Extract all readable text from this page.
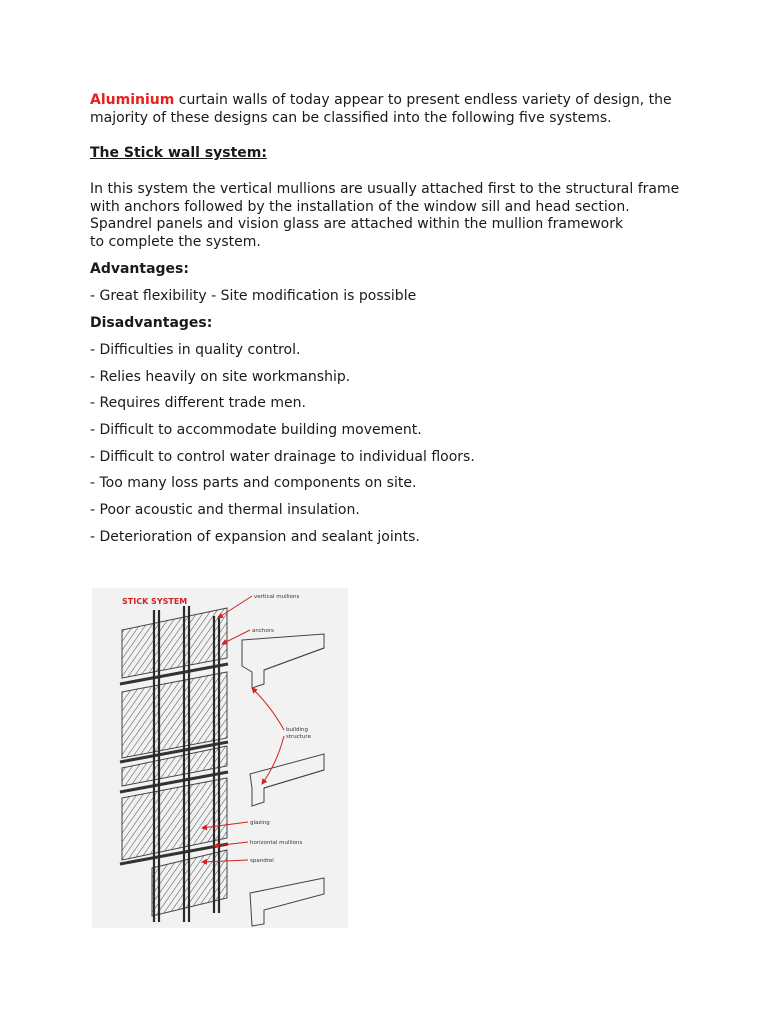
Aluminium curtain walls of today appear to present endless variety of design, the majority of these designs can be classified into the following five systems.

The Stick wall system:

In this system the vertical mullions are usually attached first to the structural frame
with anchors followed by the installation of the window sill and head section.
Spandrel panels and vision glass are attached within the mullion framework
to complete the system.

Advantages:

- Great flexibility - Site modification is possible

Disadvantages:
- Difficulties in quality control.
- Relies heavily on site workmanship.
- Requires different trade men.
- Difficult to accommodate building movement.
- Difficult to control water drainage to individual floors.
- Too many loss parts and components on site.
- Poor acoustic and thermal insulation.
- Deterioration of expansion and sealant joints.
STICK SYSTEM	vertical mullions
anchors
building
structure
glazing
horizontal mullions
spandrel
